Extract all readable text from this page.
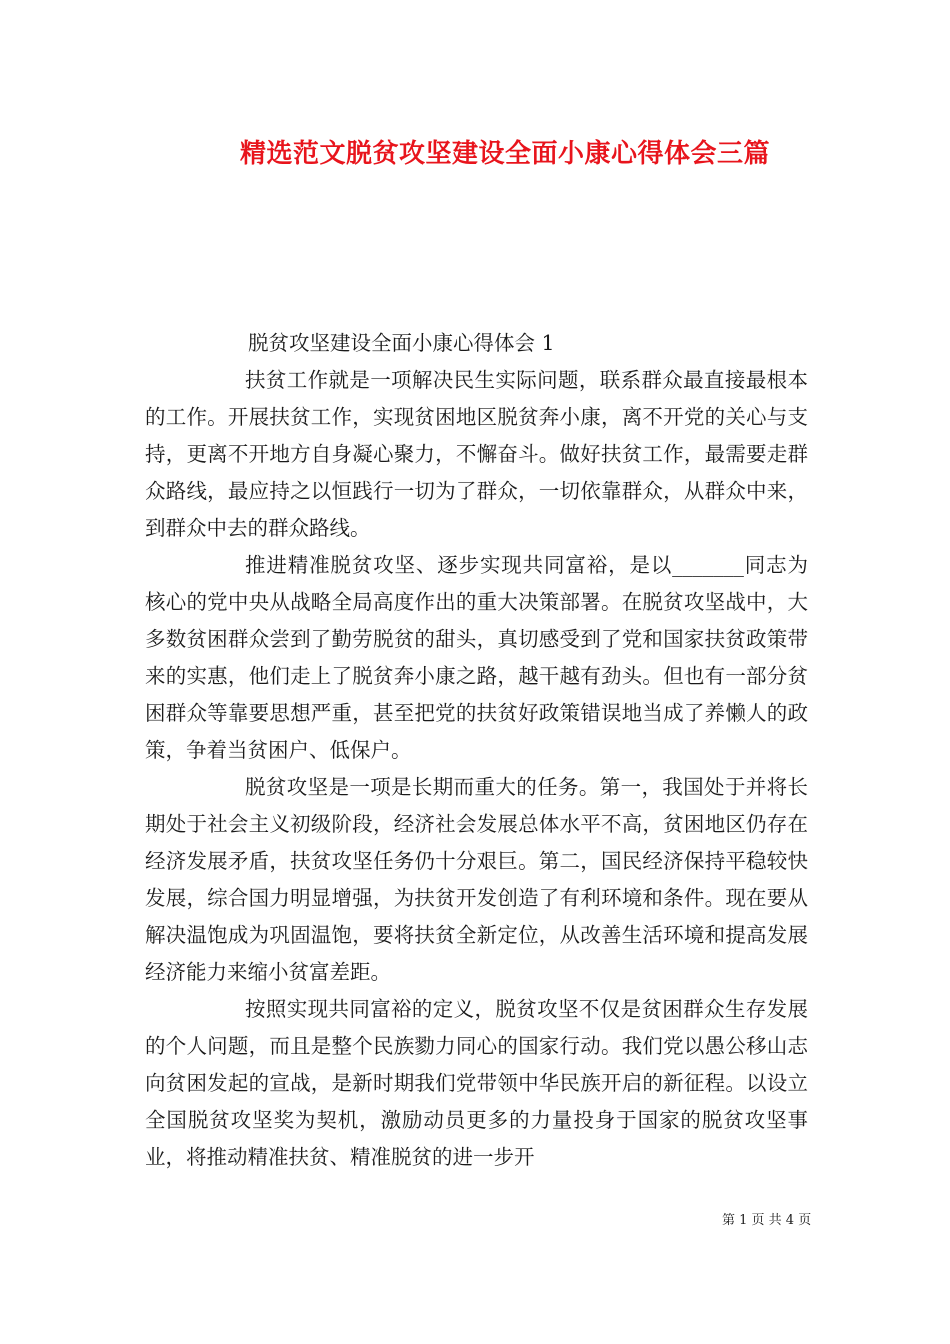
精选范文脱贫攻坚建设全面小康心得体会三篇
脱贫攻坚建设全面小康心得体会 1

扶贫工作就是一项解决民生实际问题，联系群众最直接最根本的工作。开展扶贫工作，实现贫困地区脱贫奔小康，离不开党的关心与支持，更离不开地方自身凝心聚力，不懈奋斗。做好扶贫工作，最需要走群众路线，最应持之以恒践行一切为了群众，一切依靠群众，从群众中来，到群众中去的群众路线。

推进精准脱贫攻坚、逐步实现共同富裕，是以_______同志为核心的党中央从战略全局高度作出的重大决策部署。在脱贫攻坚战中，大多数贫困群众尝到了勤劳脱贫的甜头，真切感受到了党和国家扶贫政策带来的实惠，他们走上了脱贫奔小康之路，越干越有劲头。但也有一部分贫困群众等靠要思想严重，甚至把党的扶贫好政策错误地当成了养懒人的政策，争着当贫困户、低保户。

脱贫攻坚是一项是长期而重大的任务。第一，我国处于并将长期处于社会主义初级阶段，经济社会发展总体水平不高，贫困地区仍存在经济发展矛盾，扶贫攻坚任务仍十分艰巨。第二，国民经济保持平稳较快发展，综合国力明显增强，为扶贫开发创造了有利环境和条件。现在要从解决温饱成为巩固温饱，要将扶贫全新定位，从改善生活环境和提高发展经济能力来缩小贫富差距。

按照实现共同富裕的定义，脱贫攻坚不仅是贫困群众生存发展的个人问题，而且是整个民族勠力同心的国家行动。我们党以愚公移山志向贫困发起的宣战，是新时期我们党带领中华民族开启的新征程。以设立全国脱贫攻坚奖为契机，激励动员更多的力量投身于国家的脱贫攻坚事业，将推动精准扶贫、精准脱贫的进一步开

第 1 页 共 4 页
